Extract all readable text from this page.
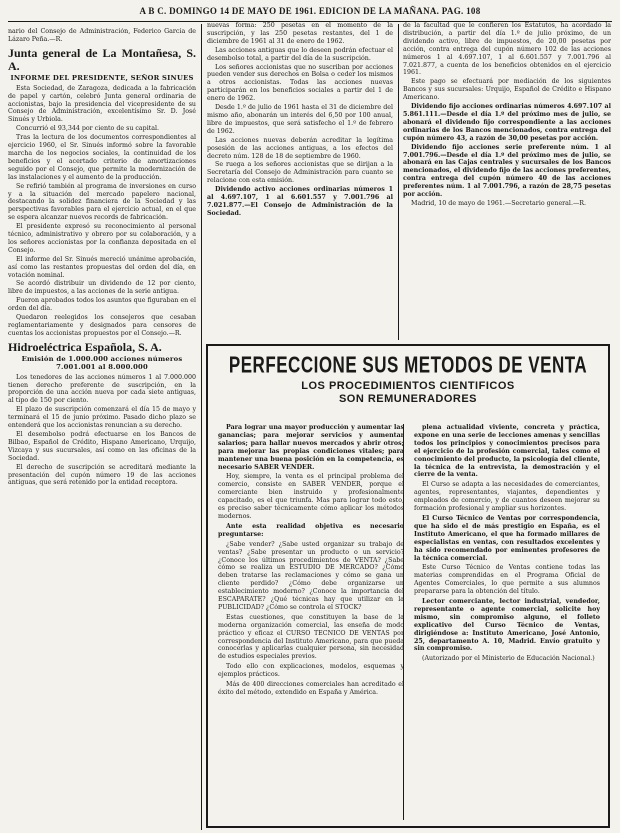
A B C. DOMINGO 14 DE MAYO DE 1961. EDICION DE LA MAÑANA. PAG. 108

nario del Consejo de Administración, Federico García de Lázaro Peña.—R.

Junta general de La Montañesa, S. A.
INFORME DEL PRESIDENTE, SEÑOR SINUES

Esta Sociedad, de Zaragoza, dedicada a la fabricación de papel y cartón, celebró Junta general ordinaria de accionistas, bajo la presidencia del vicepresidente de su Consejo de Administración, excelentísimo Sr. D. José Sinués y Urbiola.

Concurrió el 93,344 por ciento de su capital.

Tras la lectura de los documentos correspondientes al ejercicio 1960, el Sr. Sinués informó sobre la favorable marcha de los negocios sociales, la continuidad de los beneficios y el acertado criterio de amortizaciones seguido por el Consejo, que permite la modernización de las instalaciones y el aumento de la producción.

Se refirió también al programa de inversiones en curso y a la situación del mercado papelero nacional, destacando la solidez financiera de la Sociedad y las perspectivas favorables para el ejercicio actual, en el que se espera alcanzar nuevos records de fabricación.

El presidente expresó su reconocimiento al personal técnico, administrativo y obrero por su colaboración, y a los señores accionistas por la confianza depositada en el Consejo.

El informe del Sr. Sinués mereció unánime aprobación, así como las restantes propuestas del orden del día, en votación nominal.

Se acordó distribuir un dividendo de 12 por ciento, libre de impuestos, a las acciones de la serie antigua.

Fueron aprobados todos los asuntos que figuraban en el orden del día.

Quedaron reelegidos los consejeros que cesaban reglamentariamente y designados para censores de cuentas los accionistas propuestos por el Consejo.—R.

Hidroeléctrica Española, S. A.
Emisión de 1.000.000 acciones números 7.001.001 al 8.000.000

Los tenedores de las acciones números 1 al 7.000.000 tienen derecho preferente de suscripción, en la proporción de una acción nueva por cada siete antiguas, al tipo de 150 por ciento.

El plazo de suscripción comenzará el día 15 de mayo y terminará el 15 de junio próximo. Pasado dicho plazo se entenderá que los accionistas renuncian a su derecho.

El desembolso podrá efectuarse en los Bancos de Bilbao, Español de Crédito, Hispano Americano, Urquijo, Vizcaya y sus sucursales, así como en las oficinas de la Sociedad.

El derecho de suscripción se acreditará mediante la presentación del cupón número 19 de las acciones antiguas, que será retenido por la entidad receptora.

nuevas forma: 250 pesetas en el momento de la suscripción, y las 250 pesetas restantes, del 1 de diciembre de 1961 al 31 de enero de 1962.

Las acciones antiguas que lo deseen podrán efectuar el desembolso total, a partir del día de la suscripción.

Los señores accionistas que no suscriban por acciones pueden vender sus derechos en Bolsa o ceder los mismos a otros accionistas. Todas las acciones nuevas participarán en los beneficios sociales a partir del 1 de enero de 1962.

Desde 1.º de julio de 1961 hasta el 31 de diciembre del mismo año, abonarán un interés del 6,50 por 100 anual, libre de impuestos, que será satisfecho el 1.º de febrero de 1962.

Las acciones nuevas deberán acreditar la legítima posesión de las acciones antiguas, a los efectos del decreto núm. 128 de 18 de septiembre de 1960.

Se ruega a los señores accionistas que se dirijan a la Secretaría del Consejo de Administración para cuanto se relacione con esta emisión.

Dividendo activo acciones ordinarias números 1 al 4.697.107, 1 al 6.601.557 y 7.001.796 al 7.021.877.—El Consejo de Administración de la Sociedad.

de la facultad que le confieren los Estatutos, ha acordado la distribución, a partir del día 1.º de julio próximo, de un dividendo activo, libre de impuestos, de 20,00 pesetas por acción, contra entrega del cupón número 102 de las acciones números 1 al 4.697.107, 1 al 6.601.557 y 7.001.796 al 7.021.877, a cuenta de los beneficios obtenidos en el ejercicio 1961.

Este pago se efectuará por mediación de los siguientes Bancos y sus sucursales: Urquijo, Español de Crédito e Hispano Americano.

Dividendo fijo acciones ordinarias números 4.697.107 al 5.861.111.—Desde el día 1.º del próximo mes de julio, se abonará el dividendo fijo correspondiente a las acciones ordinarias de los Bancos mencionados, contra entrega del cupón número 43, a razón de 30,00 pesetas por acción.

Dividendo fijo acciones serie preferente núm. 1 al 7.001.796.—Desde el día 1.º del próximo mes de julio, se abonará en las Cajas centrales y sucursales de los Bancos mencionados, el dividendo fijo de las acciones preferentes, contra entrega del cupón número 40 de las acciones preferentes núm. 1 al 7.001.796, a razón de 28,75 pesetas por acción.

Madrid, 10 de mayo de 1961.—Secretario general.—R.

PERFECCIONE SUS METODOS DE VENTA
LOS PROCEDIMIENTOS CIENTIFICOS
SON REMUNERADORES

Para lograr una mayor producción y aumentar las ganancias; para mejorar servicios y aumentar salarios; para hallar nuevos mercados y abrir otros; para mejorar las propias condiciones vitales; para mantener una buena posición en la competencia, es necesario SABER VENDER.

Hoy, siempre, la venta es el principal problema del comercio, consiste en SABER VENDER, porque el comerciante bien instruido y profesionalmente capacitado, es el que triunfa. Mas para lograr todo esto, es preciso saber técnicamente cómo aplicar los métodos modernos.

Ante esta realidad objetiva es necesario preguntarse:

¿Sabe vender? ¿Sabe usted organizar su trabajo de ventas? ¿Sabe presentar un producto o un servicio? ¿Conoce los últimos procedimientos de VENTA? ¿Sabe cómo se realiza un ESTUDIO DE MERCADO? ¿Cómo deben tratarse las reclamaciones y cómo se gana un cliente perdido? ¿Cómo debe organizarse un establecimiento moderno? ¿Conoce la importancia del ESCAPARATE? ¿Qué técnicas hay que utilizar en la PUBLICIDAD? ¿Cómo se controla el STOCK?

Estas cuestiones, que constituyen la base de la moderna organización comercial, las enseña de modo práctico y eficaz el CURSO TECNICO DE VENTAS por correspondencia del Instituto Americano, para que pueda conocerlas y aplicarlas cualquier persona, sin necesidad de estudios especiales previos.

Todo ello con explicaciones, modelos, esquemas y ejemplos prácticos.

Más de 400 direcciones comerciales han acreditado el éxito del método, extendido en España y América.

plena actualidad viviente, concreta y práctica, expone en una serie de lecciones amenas y sencillas todos los principios y conocimientos precisos para el ejercicio de la profesión comercial, tales como el conocimiento del producto, la psicología del cliente, la técnica de la entrevista, la demostración y el cierre de la venta.

El Curso se adapta a las necesidades de comerciantes, agentes, representantes, viajantes, dependientes y empleados de comercio, y de cuantos deseen mejorar su formación profesional y ampliar sus horizontes.

El Curso Técnico de Ventas por correspondencia, que ha sido el de más prestigio en España, es el Instituto Americano, el que ha formado millares de especialistas en ventas, con resultados excelentes y ha sido recomendado por eminentes profesores de la técnica comercial.

Este Curso Técnico de Ventas contiene todas las materias comprendidas en el Programa Oficial de Agentes Comerciales, lo que permite a sus alumnos prepararse para la obtención del título.

Lector comerciante, lector industrial, vendedor, representante o agente comercial, solicite hoy mismo, sin compromiso alguno, el folleto explicativo del Curso Técnico de Ventas, dirigiéndose a: Instituto Americano, José Antonio, 25, departamento A. 10, Madrid. Envío gratuito y sin compromiso.

(Autorizado por el Ministerio de Educación Nacional.)
